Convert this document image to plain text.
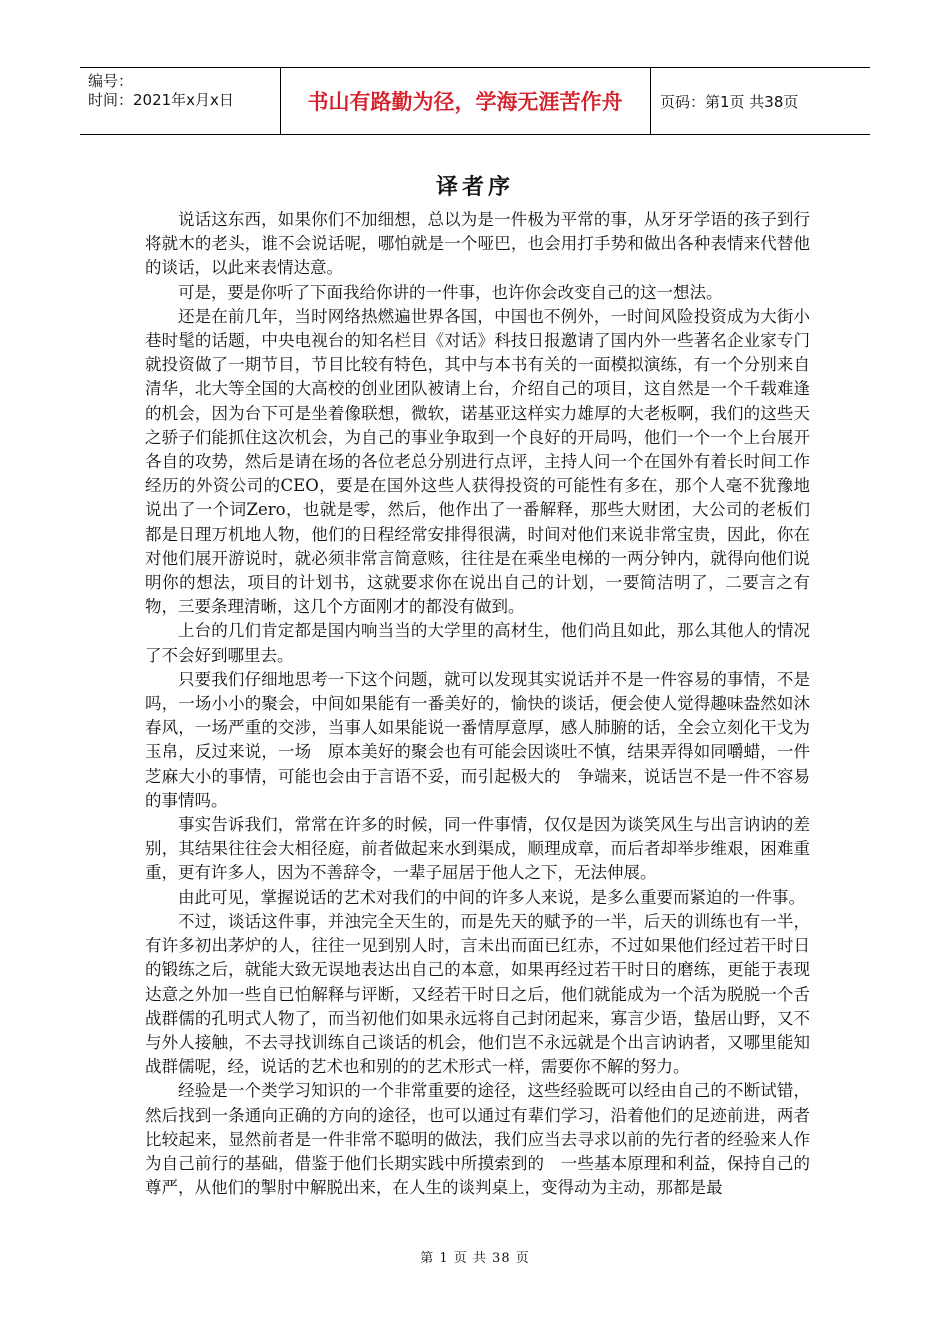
编号：
时间：2021年x月x日	书山有路勤为径，学海无涯苦作舟	页码：第1页 共38页
译者序

说话这东西，如果你们不加细想，总以为是一件极为平常的事，从牙牙学语的孩子到行将就木的老头，谁不会说话呢，哪怕就是一个哑巴，也会用打手势和做出各种表情来代替他的谈话，以此来表情达意。

可是，要是你听了下面我给你讲的一件事，也许你会改变自己的这一想法。

还是在前几年，当时网络热燃遍世界各国，中国也不例外，一时间风险投资成为大街小巷时髦的话题，中央电视台的知名栏目《对话》科技日报邀请了国内外一些著名企业家专门就投资做了一期节目，节目比较有特色，其中与本书有关的一面模拟演练，有一个分别来自清华，北大等全国的大高校的创业团队被请上台，介绍自己的项目，这自然是一个千载难逢的机会，因为台下可是坐着像联想，微软，诺基亚这样实力雄厚的大老板啊，我们的这些天之骄子们能抓住这次机会，为自己的事业争取到一个良好的开局吗，他们一个一个上台展开各自的攻势，然后是请在场的各位老总分别进行点评，主持人问一个在国外有着长时间工作经历的外资公司的CEO，要是在国外这些人获得投资的可能性有多在，那个人毫不犹豫地说出了一个词Zero，也就是零，然后，他作出了一番解释，那些大财团，大公司的老板们都是日理万机地人物，他们的日程经常安排得很满，时间对他们来说非常宝贵，因此，你在对他们展开游说时，就必须非常言简意赅，往往是在乘坐电梯的一两分钟内，就得向他们说明你的想法，项目的计划书，这就要求你在说出自己的计划，一要简洁明了，二要言之有物，三要条理清晰，这几个方面刚才的都没有做到。

上台的几们肯定都是国内响当当的大学里的高材生，他们尚且如此，那么其他人的情况了不会好到哪里去。

只要我们仔细地思考一下这个问题，就可以发现其实说话并不是一件容易的事情，不是吗，一场小小的聚会，中间如果能有一番美好的，愉快的谈话，便会使人觉得趣味盎然如沐春风，一场严重的交涉，当事人如果能说一番情厚意厚，感人肺腑的话，全会立刻化干戈为玉帛，反过来说，一场　原本美好的聚会也有可能会因谈吐不慎，结果弄得如同嚼蜡，一件芝麻大小的事情，可能也会由于言语不妥，而引起极大的　争端来，说话岂不是一件不容易的事情吗。

事实告诉我们，常常在许多的时候，同一件事情，仅仅是因为谈笑风生与出言讷讷的差别，其结果往往会大相径庭，前者做起来水到渠成，顺理成章，而后者却举步维艰，困难重重，更有许多人，因为不善辞令，一辈子屈居于他人之下，无法伸展。

由此可见，掌握说话的艺术对我们的中间的许多人来说，是多么重要而紧迫的一件事。

不过，谈话这件事，并浊完全天生的，而是先天的赋予的一半，后天的训练也有一半，有许多初出茅炉的人，往往一见到别人时，言未出而面已红赤，不过如果他们经过若干时日的锻练之后，就能大致无误地表达出自己的本意，如果再经过若干时日的磨练，更能于表现达意之外加一些自已怕解释与评断，又经若干时日之后，他们就能成为一个活为脱脱一个舌战群儒的孔明式人物了，而当初他们如果永远将自己封闭起来，寡言少语，蛰居山野，又不与外人接触，不去寻找训练自己谈话的机会，他们岂不永远就是个出言讷讷者，又哪里能知战群儒呢，经，说话的艺术也和别的的艺术形式一样，需要你不解的努力。

经验是一个类学习知识的一个非常重要的途径，这些经验既可以经由自己的不断试错，然后找到一条通向正确的方向的途径，也可以通过有辈们学习，沿着他们的足迹前进，两者比较起来，显然前者是一件非常不聪明的做法，我们应当去寻求以前的先行者的经验来人作为自己前行的基础，借鉴于他们长期实践中所摸索到的　一些基本原理和利益，保持自己的尊严，从他们的掣肘中解脱出来，在人生的谈判桌上，变得动为主动，那都是最

第 1 页 共 38 页
